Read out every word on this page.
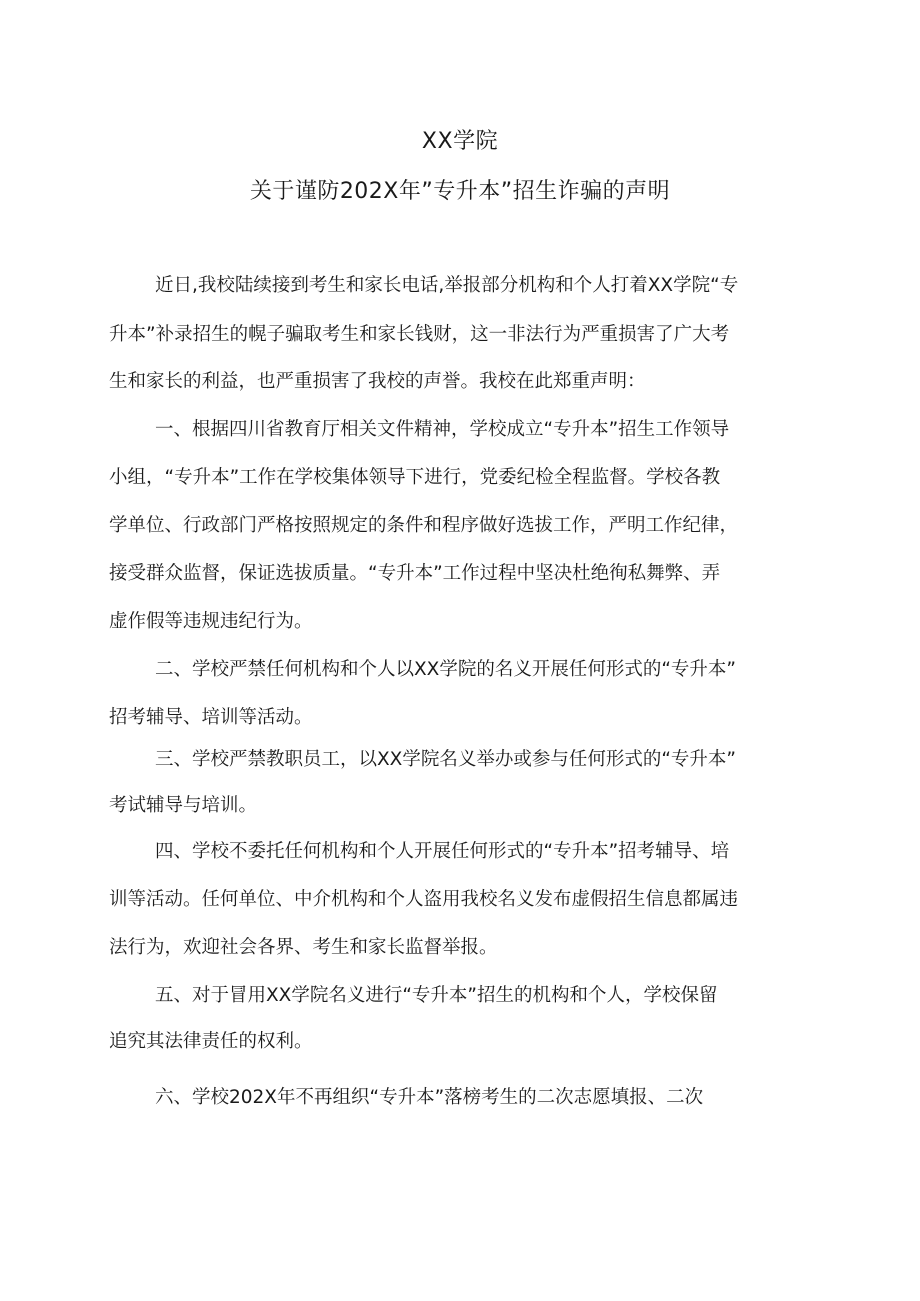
XX学院
关于谨防202X年”专升本”招生诈骗的声明
近日,我校陆续接到考生和家长电话,举报部分机构和个人打着XX学院“专
升本”补录招生的幌子骗取考生和家长钱财，这一非法行为严重损害了广大考
生和家长的利益，也严重损害了我校的声誉。我校在此郑重声明：
一、根据四川省教育厅相关文件精神，学校成立“专升本”招生工作领导
小组，“专升本”工作在学校集体领导下进行，党委纪检全程监督。学校各教
学单位、行政部门严格按照规定的条件和程序做好选拔工作，严明工作纪律，
接受群众监督，保证选拔质量。“专升本”工作过程中坚决杜绝徇私舞弊、弄
虚作假等违规违纪行为。
二、学校严禁任何机构和个人以XX学院的名义开展任何形式的“专升本”
招考辅导、培训等活动。
三、学校严禁教职员工，以XX学院名义举办或参与任何形式的“专升本”
考试辅导与培训。
四、学校不委托任何机构和个人开展任何形式的“专升本”招考辅导、培
训等活动。任何单位、中介机构和个人盗用我校名义发布虚假招生信息都属违
法行为，欢迎社会各界、考生和家长监督举报。
五、对于冒用XX学院名义进行“专升本”招生的机构和个人，学校保留
追究其法律责任的权利。
六、学校202X年不再组织“专升本”落榜考生的二次志愿填报、二次
